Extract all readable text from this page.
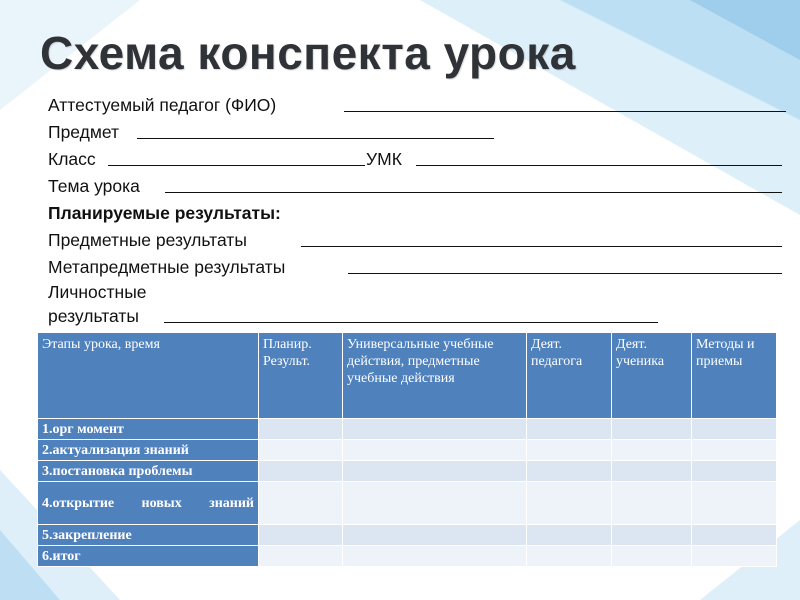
Схема конспекта урока
Аттестуемый педагог (ФИО)
Предмет
Класс	УМК
Тема урока
Планируемые результаты:
Предметные результаты
Метапредметные результаты
Личностные
результаты
Этапы урока, время	Планир. Результ.	Универсальные учебные действия, предметные учебные действия	Деят. педагога	Деят. ученика	Методы и приемы
1.орг момент					
2.актуализация знаний					
3.постановка проблемы					
4.открытие новых знаний					
5.закрепление					
6.итог					
